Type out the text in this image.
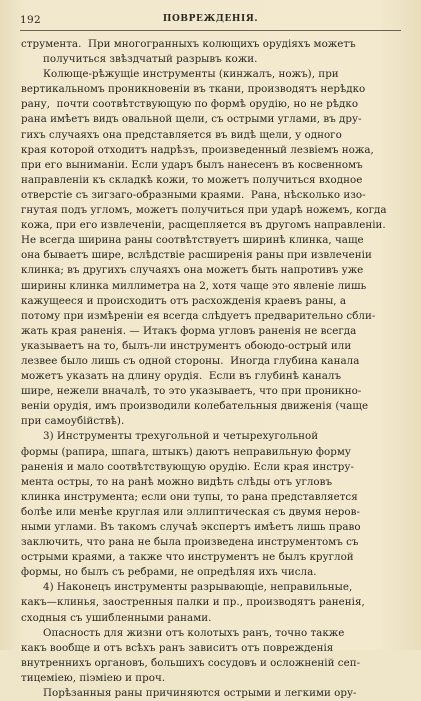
192	ПОВРЕЖДЕНІЯ.
струмента.  При многогранныхъ колющихъ орудіяхъ можетъ
получиться звѣздчатый разрывъ кожи.
Колюще-рѣжущіе инструменты (кинжалъ, ножъ), при
вертикальномъ проникновеніи въ ткани, производятъ нерѣдко
рану,  почти соотвѣтствующую по формѣ орудію, но не рѣдко
рана имѣетъ видъ овальной щели, съ острыми углами, въ дру-
гихъ случаяхъ она представляется въ видѣ щели, у одного
края которой отходитъ надрѣзъ, произведенный лезвіемъ ножа,
при его выниманіи. Если ударъ былъ нанесенъ въ косвенномъ
направленіи къ складкѣ кожи, то можетъ получиться входное
отверстіе съ зигзаго-образными краями.  Рана, нѣсколько изо-
гнутая подъ угломъ, можетъ получиться при ударѣ ножемъ, когда
кожа, при его извлеченіи, расщепляется въ другомъ направленіи.
Не всегда ширина раны соотвѣтствуетъ ширинѣ клинка, чаще
она бываетъ шире, вслѣдствіе расширенія раны при извлеченіи
клинка; въ другихъ случаяхъ она можетъ быть напротивъ уже
ширины клинка миллиметра на 2, хотя чаще это явленіе лишь
кажущееся и происходитъ отъ расхожденія краевъ раны, а
потому при измѣреніи ея всегда слѣдуетъ предварительно сбли-
жать края раненія. — Итакъ форма угловъ раненія не всегда
указываетъ на то, былъ-ли инструментъ обоюдо-острый или
лезвее было лишь съ одной стороны.  Иногда глубина канала
можетъ указать на длину орудія.  Если въ глубинѣ каналъ
шире, нежели вначалѣ, то это указываетъ, что при проникно-
веніи орудія, имъ производили колебательныя движенія (чаще
при самоубійствѣ).
3) Инструменты трехугольной и четырехугольной
формы (рапира, шпага, штыкъ) даютъ неправильную форму
раненія и мало соотвѣтствующую орудію. Если края инстру-
мента остры, то на ранѣ можно видѣть слѣды отъ угловъ
клинка инструмента; если они тупы, то рана представляется
болѣе или менѣе круглая или эллиптическая съ двумя неров-
ными углами. Въ такомъ случаѣ экспертъ имѣетъ лишь право
заключить, что рана не была произведена инструментомъ съ
острыми краями, а также что инструментъ не былъ круглой
формы, но былъ съ ребрами, не опредѣляя ихъ числа.
4) Наконецъ инструменты разрывающіе, неправильные,
какъ—клинья, заостренныя палки и пр., производятъ раненія,
сходныя съ ушибленными ранами.
Опасность для жизни отъ колотыхъ ранъ, точно также
какъ вообще и отъ всѣхъ ранъ зависитъ отъ поврежденія
внутреннихъ органовъ, большихъ сосудовъ и осложненій сеп-
тицеміею, піэміею и проч.
Порѣзанныя раны причиняются острыми и легкими ору-
